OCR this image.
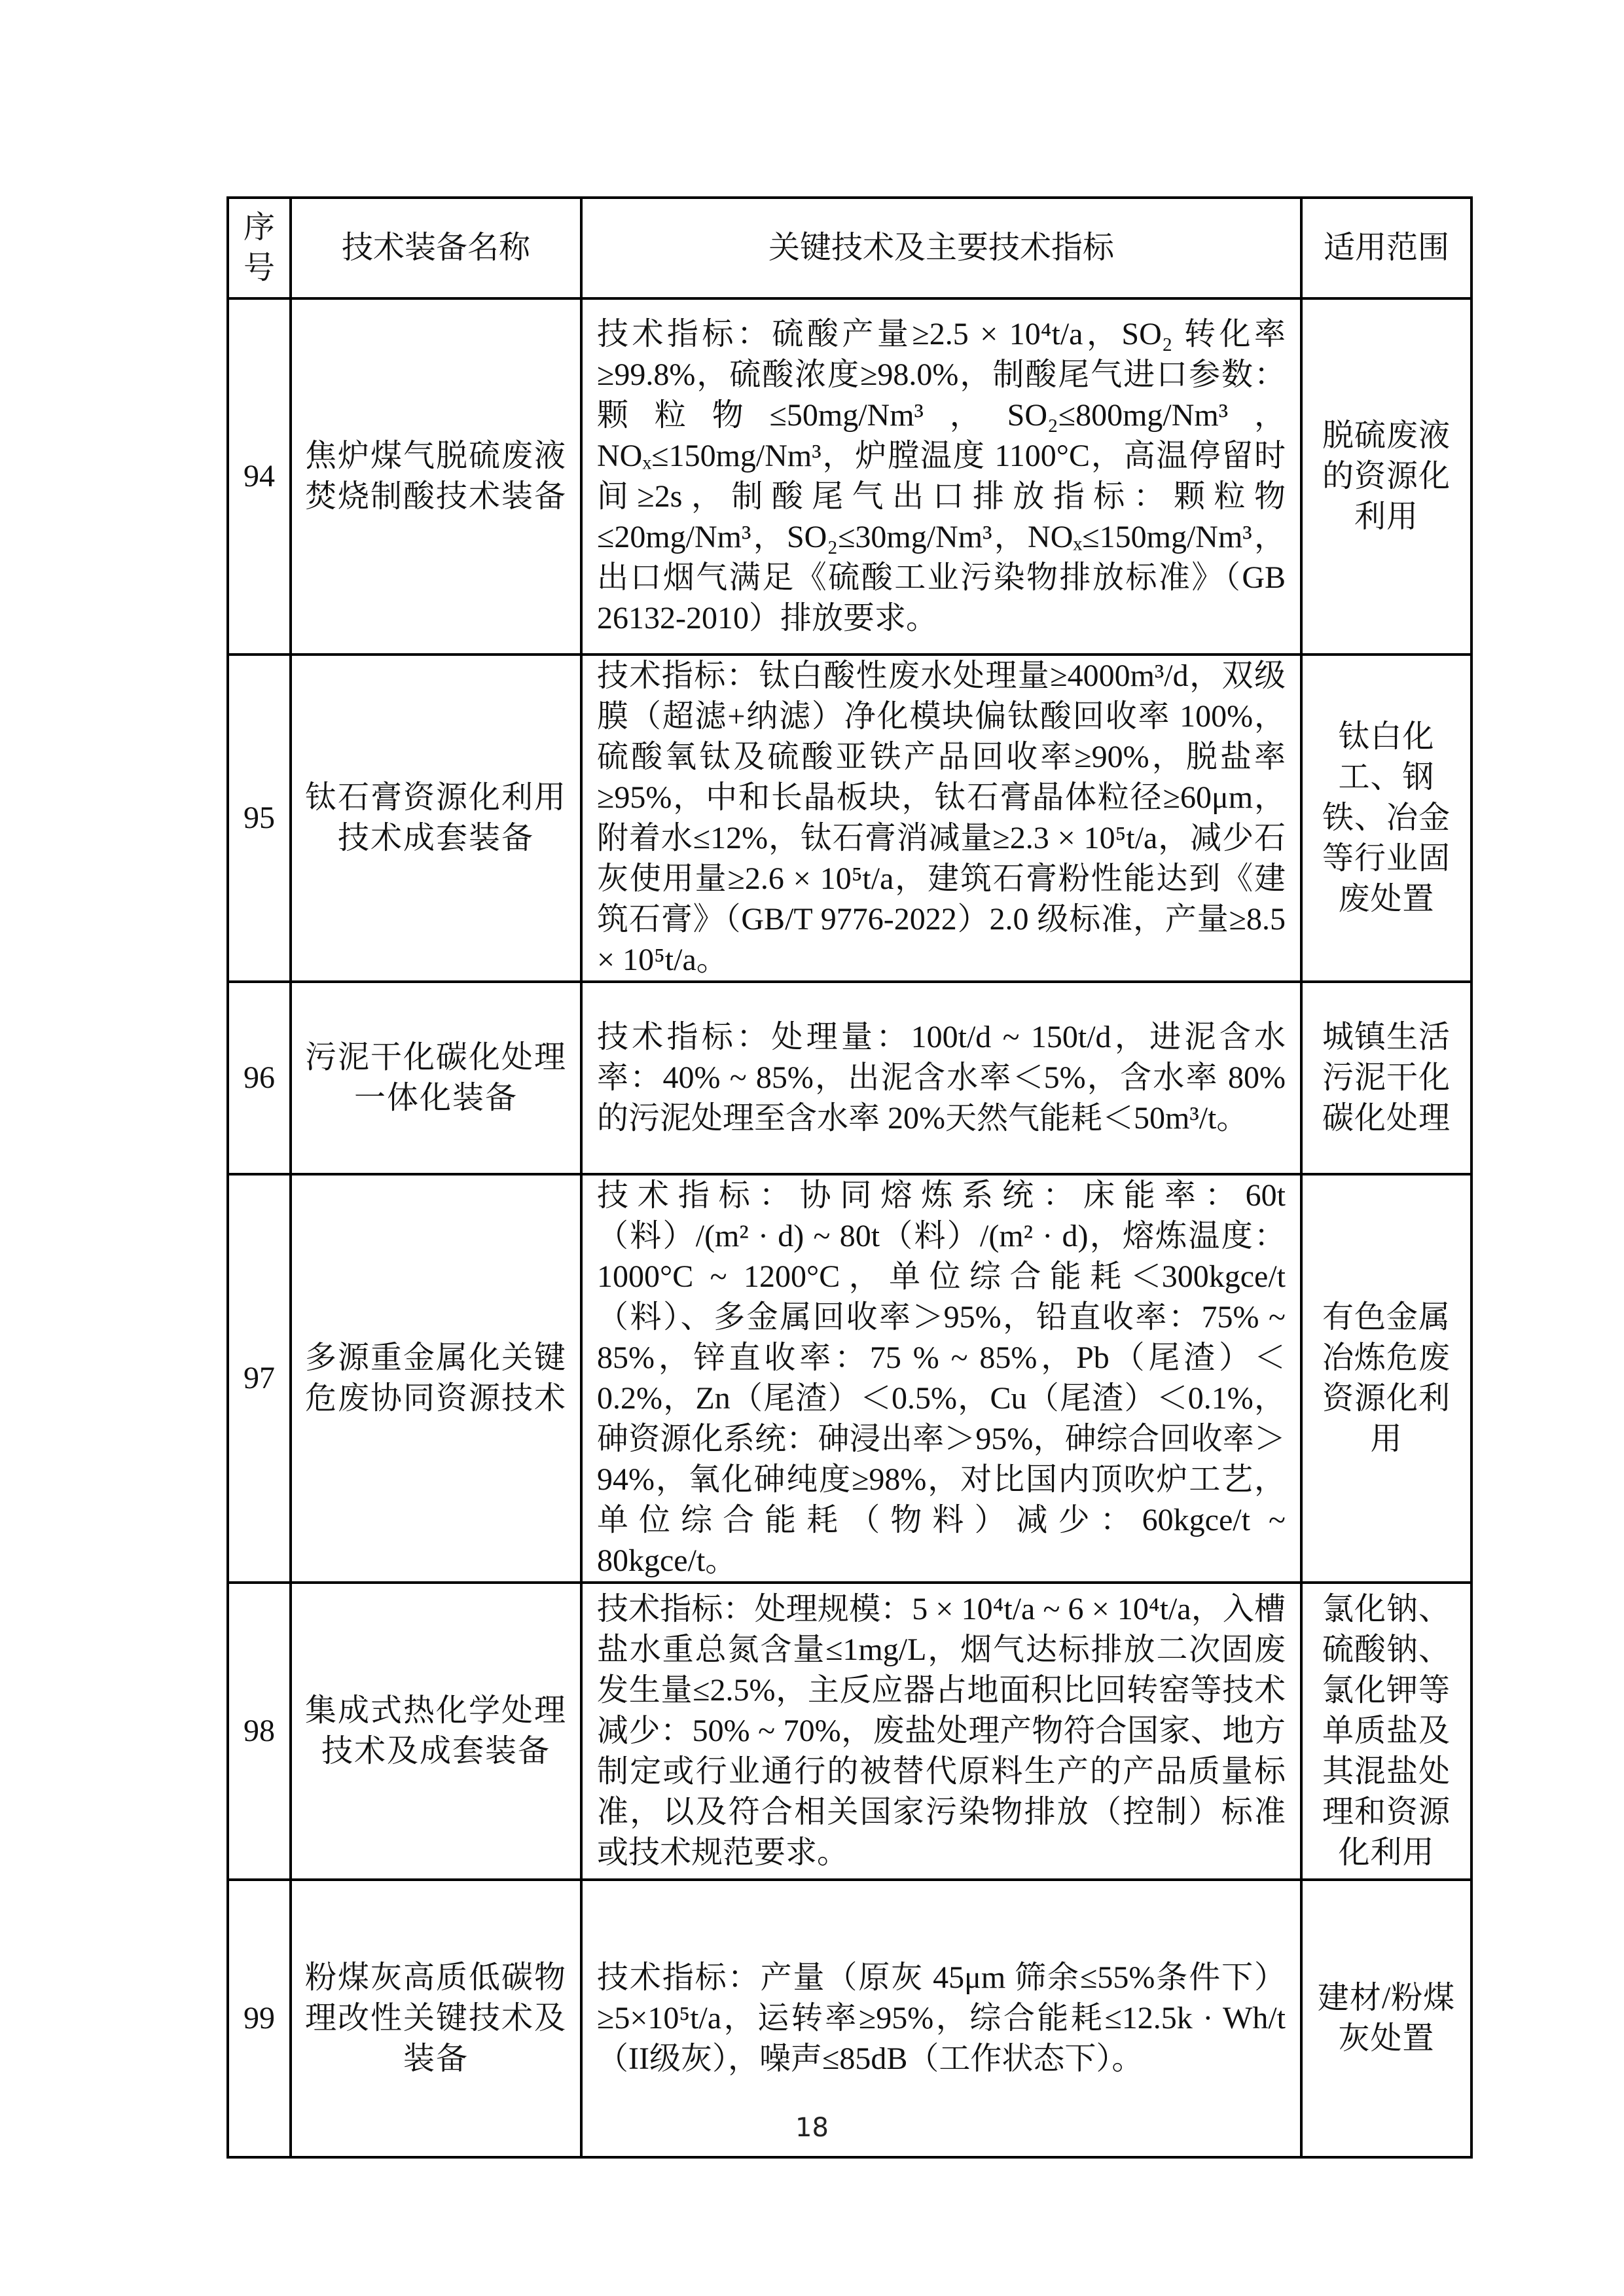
序号	技术装备名称	关键技术及主要技术指标	适用范围
94	焦炉煤气脱硫废液焚烧制酸技术装备	技术指标：硫酸产量≥2.5 × 10⁴t/a，SO₂ 转化率≥99.8%，硫酸浓度≥98.0%，制酸尾气进口参数：颗粒物≤50mg/Nm³，SO₂≤800mg/Nm³，NOₓ≤150mg/Nm³，炉膛温度 1100°C，高温停留时间≥2s，制酸尾气出口排放指标：颗粒物≤20mg/Nm³，SO₂≤30mg/Nm³，NOₓ≤150mg/Nm³，出口烟气满足《硫酸工业污染物排放标准》（GB 26132-2010）排放要求。	脱硫废液的资源化利用
95	钛石膏资源化利用技术成套装备	技术指标：钛白酸性废水处理量≥4000m³/d，双级膜（超滤+纳滤）净化模块偏钛酸回收率 100%，硫酸氧钛及硫酸亚铁产品回收率≥90%，脱盐率≥95%，中和长晶板块，钛石膏晶体粒径≥60μm，附着水≤12%，钛石膏消减量≥2.3 × 10⁵t/a，减少石灰使用量≥2.6 × 10⁵t/a，建筑石膏粉性能达到《建筑石膏》（GB/T 9776-2022）2.0 级标准，产量≥8.5 × 10⁵t/a。	钛白化工、钢铁、冶金等行业固废处置
96	污泥干化碳化处理一体化装备	技术指标：处理量：100t/d ~ 150t/d，进泥含水率：40% ~ 85%，出泥含水率＜5%，含水率 80%的污泥处理至含水率 20%天然气能耗＜50m³/t。	城镇生活污泥干化碳化处理
97	多源重金属化关键危废协同资源技术	技术指标：协同熔炼系统：床能率：60t（料）/(m² · d) ~ 80t（料）/(m² · d)，熔炼温度：1000°C ~ 1200°C，单位综合能耗＜300kgce/t（料）、多金属回收率＞95%，铅直收率：75% ~ 85%，锌直收率：75 % ~ 85%，Pb（尾渣）＜0.2%，Zn（尾渣）＜0.5%，Cu（尾渣）＜0.1%，砷资源化系统：砷浸出率＞95%，砷综合回收率＞94%，氧化砷纯度≥98%，对比国内顶吹炉工艺，单位综合能耗（物料）减少：60kgce/t ~ 80kgce/t。	有色金属冶炼危废资源化利用
98	集成式热化学处理技术及成套装备	技术指标：处理规模：5 × 10⁴t/a ~ 6 × 10⁴t/a，入槽盐水重总氮含量≤1mg/L，烟气达标排放二次固废发生量≤2.5%，主反应器占地面积比回转窑等技术减少：50% ~ 70%，废盐处理产物符合国家、地方制定或行业通行的被替代原料生产的产品质量标准，以及符合相关国家污染物排放（控制）标准或技术规范要求。	氯化钠、硫酸钠、氯化钾等单质盐及其混盐处理和资源化利用
99	粉煤灰高质低碳物理改性关键技术及装备	技术指标：产量（原灰 45μm 筛余≤55%条件下）≥5×10⁵t/a，运转率≥95%，综合能耗≤12.5k · Wh/t（II级灰），噪声≤85dB（工作状态下）。	建材/粉煤灰处置
18
